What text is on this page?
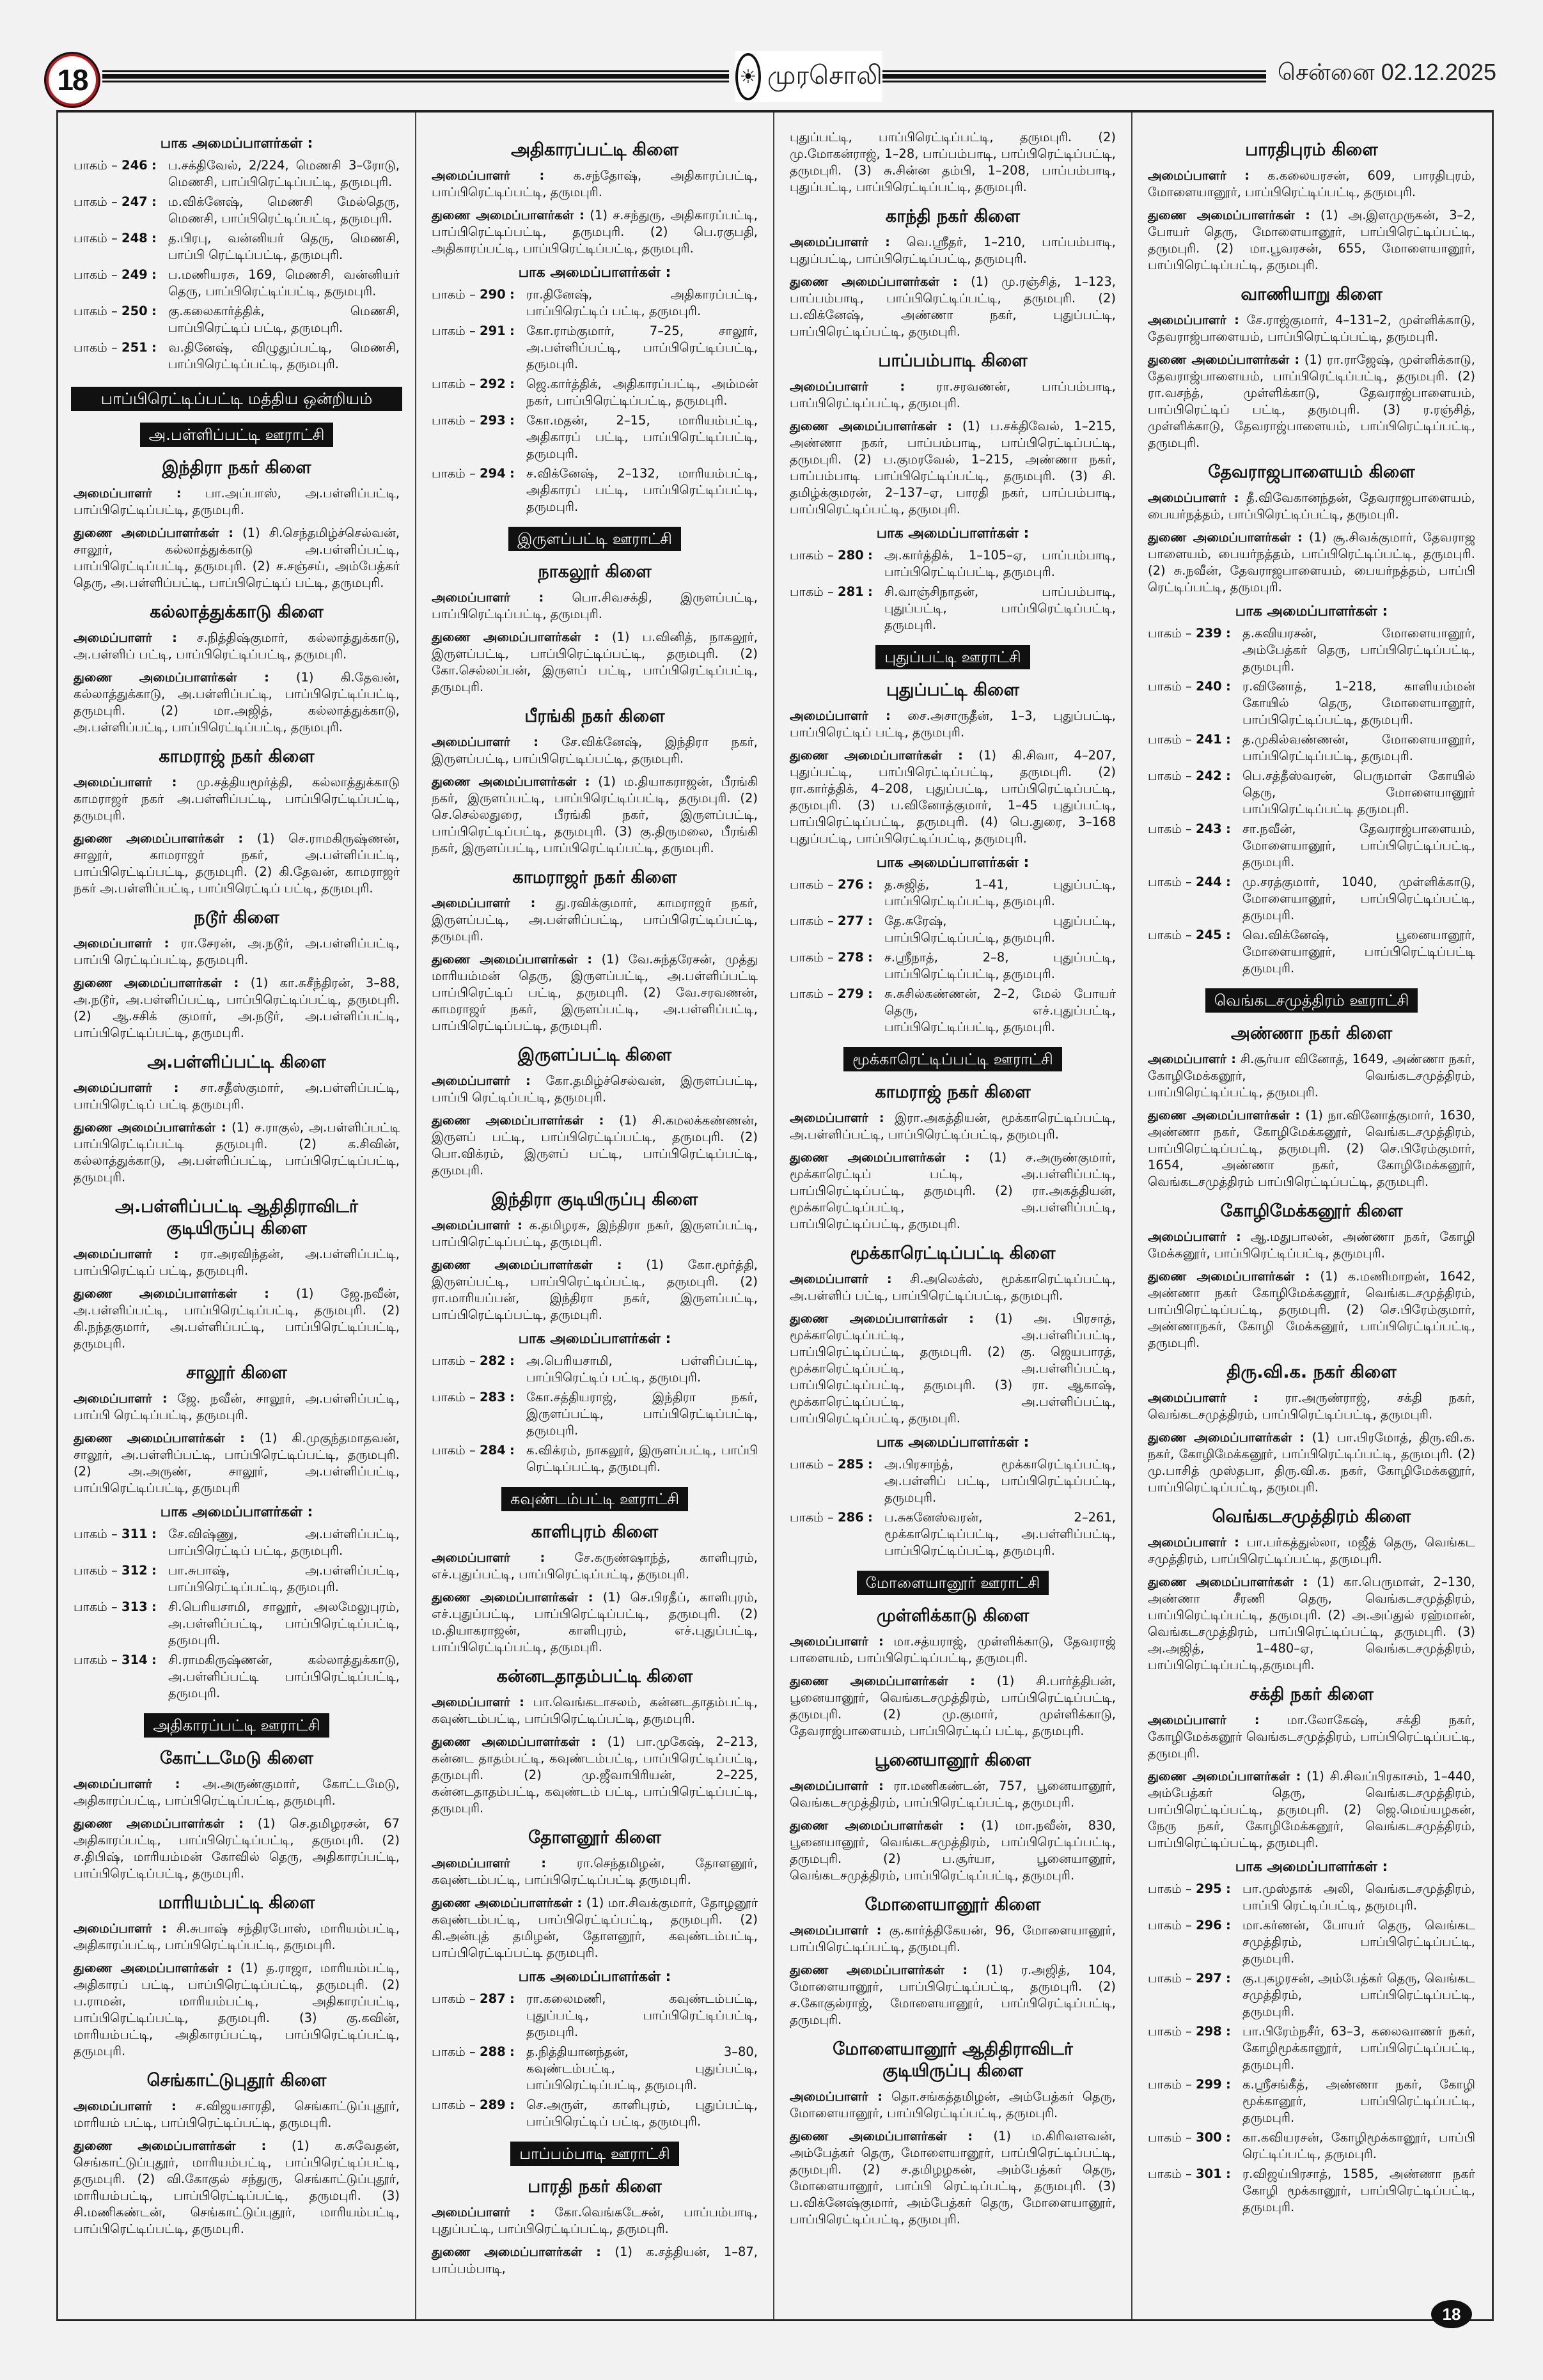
18	☀ முரசொலி	சென்னை 02.12.2025
பாக அமைப்பாளர்கள் :
பாகம் – 246 : ப.சக்திவேல், 2/224, மெணசி 3–ரோடு, மெணசி, பாப்பிரெட்டிப்பட்டி, தருமபுரி.
பாகம் – 247 : ம.விக்னேஷ், மெணசி மேல்தெரு, மெணசி, பாப்பிரெட்டிப்பட்டி, தருமபுரி.
பாகம் – 248 : த.பிரபு, வன்னியர் தெரு, மெணசி, பாப்பி ரெட்டிப்பட்டி, தருமபுரி.
பாகம் – 249 : ப.மணியரசு, 169, மெணசி, வன்னியர் தெரு, பாப்பிரெட்டிப்பட்டி, தருமபுரி.
பாகம் – 250 : கு.கலைகார்த்திக், மெணசி, பாப்பிரெட்டிப் பட்டி, தருமபுரி.
பாகம் – 251 : வ.தினேஷ், விழுதுப்பட்டி, மெணசி, பாப்பிரெட்டிப்பட்டி, தருமபுரி.
பாப்பிரெட்டிப்பட்டி மத்திய ஒன்றியம்
அ.பள்ளிப்பட்டி ஊராட்சி
இந்திரா நகர் கிளை
அமைப்பாளர் : பா.அப்பாஸ், அ.பள்ளிப்பட்டி, பாப்பிரெட்டிப்பட்டி, தருமபுரி.
துணை அமைப்பாளர்கள் : (1) சி.செந்தமிழ்ச்செல்வன், சாலூர், கல்லாத்துக்காடு அ.பள்ளிப்பட்டி, பாப்பிரெட்டிப்பட்டி, தருமபுரி. (2) ச.சஞ்சய், அம்பேத்கர் தெரு, அ.பள்ளிப்பட்டி, பாப்பிரெட்டிப் பட்டி, தருமபுரி.
கல்லாத்துக்காடு கிளை
அமைப்பாளர் : ச.நித்திஷ்குமார், கல்லாத்துக்காடு, அ.பள்ளிப் பட்டி, பாப்பிரெட்டிப்பட்டி, தருமபுரி.
துணை அமைப்பாளர்கள் : (1) கி.தேவன், கல்லாத்துக்காடு, அ.பள்ளிப்பட்டி, பாப்பிரெட்டிப்பட்டி, தருமபுரி. (2) மா.அஜித், கல்லாத்துக்காடு, அ.பள்ளிப்பட்டி, பாப்பிரெட்டிப்பட்டி, தருமபுரி.
காமராஜ் நகர் கிளை
அமைப்பாளர் : மு.சத்தியமூர்த்தி, கல்லாத்துக்காடு காமராஜர் நகர் அ.பள்ளிப்பட்டி, பாப்பிரெட்டிப்பட்டி, தருமபுரி.
துணை அமைப்பாளர்கள் : (1) செ.ராமகிருஷ்ணன், சாலூர், காமராஜர் நகர், அ.பள்ளிப்பட்டி, பாப்பிரெட்டிப்பட்டி, தருமபுரி. (2) கி.தேவன், காமராஜர் நகர் அ.பள்ளிப்பட்டி, பாப்பிரெட்டிப் பட்டி, தருமபுரி.
நடூர் கிளை
அமைப்பாளர் : ரா.சேரன், அ.நடூர், அ.பள்ளிப்பட்டி, பாப்பி ரெட்டிப்பட்டி, தருமபுரி.
துணை அமைப்பாளர்கள் : (1) கா.சுசீந்திரன், 3–88, அ.நடூர், அ.பள்ளிப்பட்டி, பாப்பிரெட்டிப்பட்டி, தருமபுரி. (2) ஆ.சசிக் குமார், அ.நடூர், அ.பள்ளிப்பட்டி, பாப்பிரெட்டிப்பட்டி, தருமபுரி.
அ.பள்ளிப்பட்டி கிளை
அமைப்பாளர் : சா.சதீஸ்குமார், அ.பள்ளிப்பட்டி, பாப்பிரெட்டிப் பட்டி தருமபுரி.
துணை அமைப்பாளர்கள் : (1) ச.ராகுல், அ.பள்ளிப்பட்டி பாப்பிரெட்டிப்பட்டி தருமபுரி. (2) க.சிவின், கல்லாத்துக்காடு, அ.பள்ளிப்பட்டி, பாப்பிரெட்டிப்பட்டி, தருமபுரி.
அ.பள்ளிப்பட்டி ஆதிதிராவிடர்
குடியிருப்பு கிளை
அமைப்பாளர் : ரா.அரவிந்தன், அ.பள்ளிப்பட்டி, பாப்பிரெட்டிப் பட்டி, தருமபுரி.
துணை அமைப்பாளர்கள் : (1) ஜே.நவீன், அ.பள்ளிப்பட்டி, பாப்பிரெட்டிப்பட்டி, தருமபுரி. (2) கி.நந்தகுமார், அ.பள்ளிப்பட்டி, பாப்பிரெட்டிப்பட்டி, தருமபுரி.
சாலூர் கிளை
அமைப்பாளர் : ஜே. நவீன், சாலூர், அ.பள்ளிப்பட்டி, பாப்பி ரெட்டிப்பட்டி, தருமபுரி.
துணை அமைப்பாளர்கள் : (1) கி.முகுந்தமாதவன், சாலூர், அ.பள்ளிப்பட்டி, பாப்பிரெட்டிப்பட்டி, தருமபுரி. (2) அ.அருண், சாலூர், அ.பள்ளிப்பட்டி, பாப்பிரெட்டிப்பட்டி, தருமபுரி
பாக அமைப்பாளர்கள் :
பாகம் – 311 : சே.விஷ்ணு, அ.பள்ளிப்பட்டி, பாப்பிரெட்டிப் பட்டி, தருமபுரி.
பாகம் – 312 : பா.சுபாஷ், அ.பள்ளிப்பட்டி, பாப்பிரெட்டிப்பட்டி, தருமபுரி.
பாகம் – 313 : சி.பெரியசாமி, சாலூர், அலமேலுபுரம், அ.பள்ளிப்பட்டி, பாப்பிரெட்டிப்பட்டி, தருமபுரி.
பாகம் – 314 : சி.ராமகிருஷ்ணன், கல்லாத்துக்காடு, அ.பள்ளிப்பட்டி பாப்பிரெட்டிப்பட்டி, தருமபுரி.
அதிகாரப்பட்டி ஊராட்சி
கோட்டமேடு கிளை
அமைப்பாளர் : அ.அருண்குமார், கோட்டமேடு, அதிகாரப்பட்டி, பாப்பிரெட்டிப்பட்டி, தருமபுரி.
துணை அமைப்பாளர்கள் : (1) செ.தமிழரசன், 67 அதிகாரப்பட்டி, பாப்பிரெட்டிப்பட்டி, தருமபுரி. (2) ச.திபிஷ், மாரியம்மன் கோவில் தெரு, அதிகாரப்பட்டி, பாப்பிரெட்டிப்பட்டி, தருமபுரி.
மாரியம்பட்டி கிளை
அமைப்பாளர் : சி.சுபாஷ் சந்திரபோஸ், மாரியம்பட்டி, அதிகாரப்பட்டி, பாப்பிரெட்டிப்பட்டி, தருமபுரி.
துணை அமைப்பாளர்கள் : (1) த.ராஜா, மாரியம்பட்டி, அதிகாரப் பட்டி, பாப்பிரெட்டிப்பட்டி, தருமபுரி. (2) ப.ராமன், மாரியம்பட்டி, அதிகாரப்பட்டி, பாப்பிரெட்டிப்பட்டி, தருமபுரி. (3) கு.கவின், மாரியம்பட்டி, அதிகாரப்பட்டி, பாப்பிரெட்டிப்பட்டி, தருமபுரி.
செங்காட்டுபுதூர் கிளை
அமைப்பாளர் : ச.விஜயசாரதி, செங்காட்டுப்புதூர், மாரியம் பட்டி, பாப்பிரெட்டிப்பட்டி, தருமபுரி.
துணை அமைப்பாளர்கள் : (1) க.சுவேதன், செங்காட்டுப்புதூர், மாரியம்பட்டி, பாப்பிரெட்டிப்பட்டி, தருமபுரி. (2) வி.கோகுல் சந்துரு, செங்காட்டுப்புதூர், மாரியம்பட்டி, பாப்பிரெட்டிப்பட்டி, தருமபுரி. (3) சி.மணிகண்டன், செங்காட்டுப்புதூர், மாரியம்பட்டி, பாப்பிரெட்டிப்பட்டி, தருமபுரி.
அதிகாரப்பட்டி கிளை
அமைப்பாளர் : க.சந்தோஷ், அதிகாரப்பட்டி, பாப்பிரெட்டிப்பட்டி, தருமபுரி.
துணை அமைப்பாளர்கள் : (1) ச.சந்துரு, அதிகாரப்பட்டி, பாப்பிரெட்டிப்பட்டி, தருமபுரி. (2) பெ.ரகுபதி, அதிகாரப்பட்டி, பாப்பிரெட்டிப்பட்டி, தருமபுரி.
பாக அமைப்பாளர்கள் :
பாகம் – 290 : ரா.தினேஷ், அதிகாரப்பட்டி, பாப்பிரெட்டிப் பட்டி, தருமபுரி.
பாகம் – 291 : கோ.ராம்குமார், 7–25, சாலூர், அ.பள்ளிப்பட்டி, பாப்பிரெட்டிப்பட்டி, தருமபுரி.
பாகம் – 292 : ஜெ.கார்த்திக், அதிகாரப்பட்டி, அம்மன் நகர், பாப்பிரெட்டிப்பட்டி, தருமபுரி.
பாகம் – 293 : கோ.மதன், 2–15, மாரியம்பட்டி, அதிகாரப் பட்டி, பாப்பிரெட்டிப்பட்டி, தருமபுரி.
பாகம் – 294 : ச.விக்னேஷ், 2–132, மாரியம்பட்டி, அதிகாரப் பட்டி, பாப்பிரெட்டிப்பட்டி, தருமபுரி.
இருளப்பட்டி ஊராட்சி
நாகலூர் கிளை
அமைப்பாளர் : பொ.சிவசக்தி, இருளப்பட்டி, பாப்பிரெட்டிப்பட்டி, தருமபுரி.
துணை அமைப்பாளர்கள் : (1) ப.வினித், நாகலூர், இருளப்பட்டி, பாப்பிரெட்டிப்பட்டி, தருமபுரி. (2) கோ.செல்லப்பன், இருளப் பட்டி, பாப்பிரெட்டிப்பட்டி, தருமபுரி.
பீரங்கி நகர் கிளை
அமைப்பாளர் : சே.விக்னேஷ், இந்திரா நகர், இருளப்பட்டி, பாப்பிரெட்டிப்பட்டி, தருமபுரி.
துணை அமைப்பாளர்கள் : (1) ம.தியாகராஜன், பீரங்கி நகர், இருளப்பட்டி, பாப்பிரெட்டிப்பட்டி, தருமபுரி. (2) செ.செல்லதுரை, பீரங்கி நகர், இருளப்பட்டி, பாப்பிரெட்டிப்பட்டி, தருமபுரி. (3) கு.திருமலை, பீரங்கி நகர், இருளப்பட்டி, பாப்பிரெட்டிப்பட்டி, தருமபுரி.
காமராஜர் நகர் கிளை
அமைப்பாளர் : து.ரவிக்குமார், காமராஜர் நகர், இருளப்பட்டி, அ.பள்ளிப்பட்டி, பாப்பிரெட்டிப்பட்டி, தருமபுரி.
துணை அமைப்பாளர்கள் : (1) வே.சுந்தரேசன், முத்து மாரியம்மன் தெரு, இருளப்பட்டி, அ.பள்ளிப்பட்டி பாப்பிரெட்டிப் பட்டி, தருமபுரி. (2) வே.சரவணன், காமராஜர் நகர், இருளப்பட்டி, அ.பள்ளிப்பட்டி, பாப்பிரெட்டிப்பட்டி, தருமபுரி.
இருளப்பட்டி கிளை
அமைப்பாளர் : கோ.தமிழ்ச்செல்வன், இருளப்பட்டி, பாப்பி ரெட்டிப்பட்டி, தருமபுரி.
துணை அமைப்பாளர்கள் : (1) சி.கமலக்கண்ணன், இருளப் பட்டி, பாப்பிரெட்டிப்பட்டி, தருமபுரி. (2) பொ.விக்ரம், இருளப் பட்டி, பாப்பிரெட்டிப்பட்டி, தருமபுரி.
இந்திரா குடியிருப்பு கிளை
அமைப்பாளர் : க.தமிழரசு, இந்திரா நகர், இருளப்பட்டி, பாப்பிரெட்டிப்பட்டி, தருமபுரி.
துணை அமைப்பாளர்கள் : (1) கோ.மூர்த்தி, இருளப்பட்டி, பாப்பிரெட்டிப்பட்டி, தருமபுரி. (2) ரா.மாரியப்பன், இந்திரா நகர், இருளப்பட்டி, பாப்பிரெட்டிப்பட்டி, தருமபுரி.
பாக அமைப்பாளர்கள் :
பாகம் – 282 : அ.பெரியசாமி, பள்ளிப்பட்டி, பாப்பிரெட்டிப் பட்டி, தருமபுரி.
பாகம் – 283 : கோ.சத்தியராஜ், இந்திரா நகர், இருளப்பட்டி, பாப்பிரெட்டிப்பட்டி, தருமபுரி.
பாகம் – 284 : க.விக்ரம், நாகலூர், இருளப்பட்டி, பாப்பி ரெட்டிப்பட்டி, தருமபுரி.
கவுண்டம்பட்டி ஊராட்சி
காளிபுரம் கிளை
அமைப்பாளர் : சே.கருண்ஷாந்த், காளிபுரம், எச்.புதுப்பட்டி, பாப்பிரெட்டிப்பட்டி, தருமபுரி.
துணை அமைப்பாளர்கள் : (1) செ.பிரதீப், காளிபுரம், எச்.புதுப்பட்டி, பாப்பிரெட்டிப்பட்டி, தருமபுரி. (2) ம.தியாகராஜன், காளிபுரம், எச்.புதுப்பட்டி, பாப்பிரெட்டிப்பட்டி, தருமபுரி.
கன்னடதாதம்பட்டி கிளை
அமைப்பாளர் : பா.வெங்கடாசலம், கன்னடதாதம்பட்டி, கவுண்டம்பட்டி, பாப்பிரெட்டிப்பட்டி, தருமபுரி.
துணை அமைப்பாளர்கள் : (1) பா.முகேஷ், 2–213, கன்னட தாதம்பட்டி, கவுண்டம்பட்டி, பாப்பிரெட்டிப்பட்டி, தருமபுரி. (2) மு.ஜீவாபிரியன், 2–225, கன்னடதாதம்பட்டி, கவுண்டம் பட்டி, பாப்பிரெட்டிப்பட்டி, தருமபுரி.
தோளனூர் கிளை
அமைப்பாளர் : ரா.செந்தமிழன், தோளனூர், கவுண்டம்பட்டி, பாப்பிரெட்டிப்பட்டி தருமபுரி.
துணை அமைப்பாளர்கள் : (1) மா.சிவக்குமார், தோழனூர் கவுண்டம்பட்டி, பாப்பிரெட்டிப்பட்டி, தருமபுரி. (2) கி.அன்புத் தமிழன், தோளனூர், கவுண்டம்பட்டி, பாப்பிரெட்டிப்பட்டி தருமபுரி.
பாக அமைப்பாளர்கள் :
பாகம் – 287 : ரா.கலைமணி, கவுண்டம்பட்டி, புதுப்பட்டி, பாப்பிரெட்டிப்பட்டி, தருமபுரி.
பாகம் – 288 : த.நித்தியானந்தன், 3–80, கவுண்டம்பட்டி, புதுப்பட்டி, பாப்பிரெட்டிப்பட்டி, தருமபுரி.
பாகம் – 289 : செ.அருள், காளிபுரம், புதுப்பட்டி, பாப்பிரெட்டிப் பட்டி, தருமபுரி.
பாப்பம்பாடி ஊராட்சி
பாரதி நகர் கிளை
அமைப்பாளர் : கோ.வெங்கடேசன், பாப்பம்பாடி, புதுப்பட்டி, பாப்பிரெட்டிப்பட்டி, தருமபுரி.
துணை அமைப்பாளர்கள் : (1) க.சத்தியன், 1–87, பாப்பம்பாடி,
புதுப்பட்டி, பாப்பிரெட்டிப்பட்டி, தருமபுரி. (2) மு.மோகன்ராஜ், 1–28, பாப்பம்பாடி, பாப்பிரெட்டிப்பட்டி, தருமபுரி. (3) சு.சின்ன தம்பி, 1–208, பாப்பம்பாடி, புதுப்பட்டி, பாப்பிரெட்டிப்பட்டி, தருமபுரி.
காந்தி நகர் கிளை
அமைப்பாளர் : வெ.ஸ்ரீதர், 1–210, பாப்பம்பாடி, புதுப்பட்டி, பாப்பிரெட்டிப்பட்டி, தருமபுரி.
துணை அமைப்பாளர்கள் : (1) மு.ரஞ்சித், 1–123, பாப்பம்பாடி, பாப்பிரெட்டிப்பட்டி, தருமபுரி. (2) ப.விக்னேஷ், அண்ணா நகர், புதுப்பட்டி, பாப்பிரெட்டிப்பட்டி, தருமபுரி.
பாப்பம்பாடி கிளை
அமைப்பாளர் :	ரா.சரவணன், பாப்பம்பாடி, பாப்பிரெட்டிப்பட்டி, தருமபுரி.
துணை அமைப்பாளர்கள் : (1) ப.சக்திவேல், 1–215, அண்ணா நகர், பாப்பம்பாடி, பாப்பிரெட்டிப்பட்டி, தருமபுரி. (2) ப.குமரவேல், 1–215, அண்ணா நகர், பாப்பம்பாடி பாப்பிரெட்டிப்பட்டி, தருமபுரி. (3) சி. தமிழ்க்குமரன், 2–137–ஏ, பாரதி நகர், பாப்பம்பாடி, பாப்பிரெட்டிப்பட்டி, தருமபுரி.
பாக அமைப்பாளர்கள் :
பாகம் – 280 : அ.கார்த்திக், 1–105–ஏ, பாப்பம்பாடி, பாப்பிரெட்டிப்பட்டி, தருமபுரி.
பாகம் – 281 : சி.வாஞ்சிநாதன், பாப்பம்பாடி, புதுப்பட்டி, பாப்பிரெட்டிப்பட்டி, தருமபுரி.
புதுப்பட்டி ஊராட்சி
புதுப்பட்டி கிளை
அமைப்பாளர் : சை.அசாருதீன், 1–3, புதுப்பட்டி, பாப்பிரெட்டிப் பட்டி, தருமபுரி.
துணை அமைப்பாளர்கள் : (1) கி.சிவா, 4–207, புதுப்பட்டி, பாப்பிரெட்டிப்பட்டி, தருமபுரி. (2) ரா.கார்த்திக், 4–208, புதுப்பட்டி, பாப்பிரெட்டிப்பட்டி, தருமபுரி. (3) ப.வினோத்குமார், 1–45 புதுப்பட்டி, பாப்பிரெட்டிப்பட்டி, தருமபுரி. (4) பெ.துரை, 3–168 புதுப்பட்டி, பாப்பிரெட்டிப்பட்டி, தருமபுரி.
பாக அமைப்பாளர்கள் :
பாகம் – 276 : த.சுஜித், 1–41, புதுப்பட்டி, பாப்பிரெட்டிப்பட்டி, தருமபுரி.
பாகம் – 277 : தே.சுரேஷ், புதுப்பட்டி, பாப்பிரெட்டிப்பட்டி, தருமபுரி.
பாகம் – 278 : ச.ஸ்ரீநாத், 2–8, புதுப்பட்டி, பாப்பிரெட்டிப்பட்டி, தருமபுரி.
பாகம் – 279 : சு.சுசில்கண்ணன், 2–2, மேல் போயர் தெரு, எச்.புதுப்பட்டி, பாப்பிரெட்டிப்பட்டி, தருமபுரி.
மூக்காரெட்டிப்பட்டி ஊராட்சி
காமராஜ் நகர் கிளை
அமைப்பாளர் : இரா.அகத்தியன், மூக்காரெட்டிப்பட்டி, அ.பள்ளிப்பட்டி, பாப்பிரெட்டிப்பட்டி, தருமபுரி.
துணை அமைப்பாளர்கள் : (1) ச.அருண்குமார், மூக்காரெட்டிப் பட்டி, அ.பள்ளிப்பட்டி, பாப்பிரெட்டிப்பட்டி, தருமபுரி. (2) ரா.அகத்தியன், மூக்காரெட்டிப்பட்டி, அ.பள்ளிப்பட்டி, பாப்பிரெட்டிப்பட்டி, தருமபுரி.
மூக்காரெட்டிப்பட்டி கிளை
அமைப்பாளர் : சி.அலெக்ஸ், மூக்காரெட்டிப்பட்டி, அ.பள்ளிப் பட்டி, பாப்பிரெட்டிப்பட்டி, தருமபுரி.
துணை அமைப்பாளர்கள் : (1) அ. பிரசாத், மூக்காரெட்டிப்பட்டி, அ.பள்ளிப்பட்டி, பாப்பிரெட்டிப்பட்டி, தருமபுரி. (2) கு. ஜெயபாரத், மூக்காரெட்டிப்பட்டி, அ.பள்ளிப்பட்டி, பாப்பிரெட்டிப்பட்டி, தருமபுரி. (3) ரா. ஆகாஷ், மூக்காரெட்டிப்பட்டி, அ.பள்ளிப்பட்டி, பாப்பிரெட்டிப்பட்டி, தருமபுரி.
பாக அமைப்பாளர்கள் :
பாகம் – 285 : அ.பிரசாந்த், மூக்காரெட்டிப்பட்டி, அ.பள்ளிப் பட்டி, பாப்பிரெட்டிப்பட்டி, தருமபுரி.
பாகம் – 286 : ப.சுகனேஸ்வரன், 2–261, மூக்காரெட்டிப்பட்டி, அ.பள்ளிப்பட்டி, பாப்பிரெட்டிப்பட்டி, தருமபுரி.
மோளையானூர் ஊராட்சி
முள்ளிக்காடு கிளை
அமைப்பாளர் : மா.சத்யராஜ், முள்ளிக்காடு, தேவராஜ் பாளையம், பாப்பிரெட்டிப்பட்டி, தருமபுரி.
துணை அமைப்பாளர்கள் : (1) சி.பார்த்திபன், பூனையானூர், வெங்கடசமுத்திரம், பாப்பிரெட்டிப்பட்டி, தருமபுரி. (2) மு.குமார், முள்ளிக்காடு, தேவராஜ்பாளையம், பாப்பிரெட்டிப் பட்டி, தருமபுரி.
பூனையானூர் கிளை
அமைப்பாளர் : ரா.மணிகண்டன், 757, பூனையானூர், வெங்கடசமுத்திரம், பாப்பிரெட்டிப்பட்டி, தருமபுரி.
துணை அமைப்பாளர்கள் : (1) மா.நவீன், 830, பூனையானூர், வெங்கடசமுத்திரம், பாப்பிரெட்டிப்பட்டி, தருமபுரி. (2) ப.சூர்யா, பூனையானூர், வெங்கடசமுத்திரம், பாப்பிரெட்டிப்பட்டி, தருமபுரி.
மோளையானூர் கிளை
அமைப்பாளர் : கு.கார்த்திகேயன், 96, மோளையானூர், பாப்பிரெட்டிப்பட்டி, தருமபுரி.
துணை அமைப்பாளர்கள் : (1) ர.அஜித், 104, மோளையானூர், பாப்பிரெட்டிப்பட்டி, தருமபுரி. (2) ச.கோகுல்ராஜ், மோளையானூர், பாப்பிரெட்டிப்பட்டி, தருமபுரி.
மோளையானூர் ஆதிதிராவிடர்
குடியிருப்பு கிளை
அமைப்பாளர் : தொ.சங்கத்தமிழன், அம்பேத்கர் தெரு, மோளையானூர், பாப்பிரெட்டிப்பட்டி, தருமபுரி.
துணை அமைப்பாளர்கள் : (1) ம.கிரிவளவன், அம்பேத்கர் தெரு, மோளையானூர், பாப்பிரெட்டிப்பட்டி, தருமபுரி. (2) ச.தமிழழகன், அம்பேத்கர் தெரு, மோளையானூர், பாப்பி ரெட்டிப்பட்டி, தருமபுரி. (3) ப.விக்னேஷ்குமார், அம்பேத்கர் தெரு, மோளையானூர், பாப்பிரெட்டிப்பட்டி, தருமபுரி.
பாரதிபுரம் கிளை
அமைப்பாளர் : க.கலையரசன், 609, பாரதிபுரம், மோளையானூர், பாப்பிரெட்டிப்பட்டி, தருமபுரி.
துணை அமைப்பாளர்கள் : (1) அ.இளமுருகன், 3–2, போயர் தெரு, மோளையானூர், பாப்பிரெட்டிப்பட்டி, தருமபுரி. (2) மா.பூவரசன், 655, மோளையானூர், பாப்பிரெட்டிப்பட்டி, தருமபுரி.
வாணியாறு கிளை
அமைப்பாளர் : சே.ராஜ்குமார், 4–131–2, முள்ளிக்காடு, தேவராஜ்பாளையம், பாப்பிரெட்டிப்பட்டி, தருமபுரி.
துணை அமைப்பாளர்கள் : (1) ரா.ராஜேஷ், முள்ளிக்காடு, தேவராஜ்பாளையம், பாப்பிரெட்டிப்பட்டி, தருமபுரி. (2) ரா.வசந்த், முள்ளிக்காடு, தேவராஜ்பாளையம், பாப்பிரெட்டிப் பட்டி, தருமபுரி. (3) ர.ரஞ்சித், முள்ளிக்காடு, தேவராஜ்பாளையம், பாப்பிரெட்டிப்பட்டி, தருமபுரி.
தேவராஜபாளையம் கிளை
அமைப்பாளர் : தீ.விவேகானந்தன், தேவராஜபாளையம், பையர்நத்தம், பாப்பிரெட்டிப்பட்டி, தருமபுரி.
துணை அமைப்பாளர்கள் : (1) சூ.சிவக்குமார், தேவராஜ பாளையம், பையர்நத்தம், பாப்பிரெட்டிப்பட்டி, தருமபுரி. (2) சு.நவீன், தேவராஜபாளையம், பையர்நத்தம், பாப்பி ரெட்டிப்பட்டி, தருமபுரி.
பாக அமைப்பாளர்கள் :
பாகம் – 239 : த.கவியரசன், மோளையானூர், அம்பேத்கர் தெரு, பாப்பிரெட்டிப்பட்டி, தருமபுரி.
பாகம் – 240 : ர.வினோத், 1–218, காளியம்மன் கோயில் தெரு, மோளையானூர், பாப்பிரெட்டிப்பட்டி, தருமபுரி.
பாகம் – 241 : த.முகில்வண்ணன், மோளையானூர், பாப்பிரெட்டிப்பட்டி, தருமபுரி.
பாகம் – 242 : பெ.சத்தீஸ்வரன், பெருமாள் கோயில் தெரு, மோளையானூர் பாப்பிரெட்டிப்பட்டி தருமபுரி.
பாகம் – 243 : சா.நவீன், தேவராஜ்பாளையம், மோளையானூர், பாப்பிரெட்டிப்பட்டி, தருமபுரி.
பாகம் – 244 : மு.சரத்குமார், 1040, முள்ளிக்காடு, மோளையானூர், பாப்பிரெட்டிப்பட்டி, தருமபுரி.
பாகம் – 245 : வெ.விக்னேஷ், பூனையானூர், மோளையானூர், பாப்பிரெட்டிப்பட்டி தருமபுரி.
வெங்கடசமுத்திரம் ஊராட்சி
அண்ணா நகர் கிளை
அமைப்பாளர் : சி.சூர்யா வினோத், 1649, அண்ணா நகர், கோழிமேக்கனூர், வெங்கடசமுத்திரம், பாப்பிரெட்டிப்பட்டி, தருமபுரி.
துணை அமைப்பாளர்கள் : (1) நா.வினோத்குமார், 1630, அண்ணா நகர், கோழிமேக்கனூர், வெங்கடசமுத்திரம், பாப்பிரெட்டிப்பட்டி, தருமபுரி. (2) செ.பிரேம்குமார், 1654, அண்ணா நகர், கோழிமேக்கனூர், வெங்கடசமுத்திரம் பாப்பிரெட்டிப்பட்டி, தருமபுரி.
கோழிமேக்கனூர் கிளை
அமைப்பாளர் : ஆ.மதுபாலன், அண்ணா நகர், கோழி மேக்கனூர், பாப்பிரெட்டிப்பட்டி, தருமபுரி.
துணை அமைப்பாளர்கள் : (1) க.மணிமாறன், 1642, அண்ணா நகர் கோழிமேக்கனூர், வெங்கடசமுத்திரம், பாப்பிரெட்டிப்பட்டி, தருமபுரி. (2) செ.பிரேம்குமார், அண்ணாநகர், கோழி மேக்கனூர், பாப்பிரெட்டிப்பட்டி, தருமபுரி.
திரு.வி.க. நகர் கிளை
அமைப்பாளர் : ரா.அருண்ராஜ், சக்தி நகர், வெங்கடசமுத்திரம், பாப்பிரெட்டிப்பட்டி, தருமபுரி.
துணை அமைப்பாளர்கள் : (1) பா.பிரமோத், திரு.வி.க. நகர், கோழிமேக்கனூர், பாப்பிரெட்டிப்பட்டி, தருமபுரி. (2) மு.பாசித் முஸ்தபா, திரு.வி.க. நகர், கோழிமேக்கனூர், பாப்பிரெட்டிப்பட்டி, தருமபுரி.
வெங்கடசமுத்திரம் கிளை
அமைப்பாளர் : பா.பர்கத்துல்லா, மஜீத் தெரு, வெங்கட சமுத்திரம், பாப்பிரெட்டிப்பட்டி, தருமபுரி.
துணை அமைப்பாளர்கள் : (1) கா.பெருமாள், 2–130, அண்ணா சீரணி தெரு, வெங்கடசமுத்திரம், பாப்பிரெட்டிப்பட்டி, தருமபுரி. (2) அ.அப்துல் ரஹ்மான், வெங்கடசமுத்திரம், பாப்பிரெட்டிப்பட்டி, தருமபுரி. (3) அ.அஜித், 1–480–ஏ, வெங்கடசமுத்திரம், பாப்பிரெட்டிப்பட்டி,தருமபுரி.
சக்தி நகர் கிளை
அமைப்பாளர் : மா.லோகேஷ், சக்தி நகர், கோழிமேக்கனூர் வெங்கடசமுத்திரம், பாப்பிரெட்டிப்பட்டி, தருமபுரி.
துணை அமைப்பாளர்கள் : (1) சி.சிவப்பிரகாசம், 1–440, அம்பேத்கர் தெரு, வெங்கடசமுத்திரம், பாப்பிரெட்டிப்பட்டி, தருமபுரி. (2) ஜெ.மெய்யழகன், நேரு நகர், கோழிமேக்கனூர், வெங்கடசமுத்திரம், பாப்பிரெட்டிப்பட்டி, தருமபுரி.
பாக அமைப்பாளர்கள் :
பாகம் – 295 : பா.முஸ்தாக் அலி, வெங்கடசமுத்திரம், பாப்பி ரெட்டிப்பட்டி, தருமபுரி.
பாகம் – 296 : மா.கர்ணன், போயர் தெரு, வெங்கட சமுத்திரம், பாப்பிரெட்டிப்பட்டி, தருமபுரி.
பாகம் – 297 : கு.புகழரசன், அம்பேத்கர் தெரு, வெங்கட சமுத்திரம், பாப்பிரெட்டிப்பட்டி, தருமபுரி.
பாகம் – 298 : பா.பிரேம்நசீர், 63–3, கலைவாணர் நகர், கோழிமூக்கானூர், பாப்பிரெட்டிப்பட்டி, தருமபுரி.
பாகம் – 299 : க.ஸ்ரீசங்கீத், அண்ணா நகர், கோழி மூக்கானூர், பாப்பிரெட்டிப்பட்டி, தருமபுரி.
பாகம் – 300 : கா.கவியரசன், கோழிமூக்கானூர், பாப்பி ரெட்டிப்பட்டி, தருமபுரி.
பாகம் – 301 : ர.விஜய்பிரசாத், 1585, அண்ணா நகர் கோழி மூக்கானூர், பாப்பிரெட்டிப்பட்டி, தருமபுரி.
18
